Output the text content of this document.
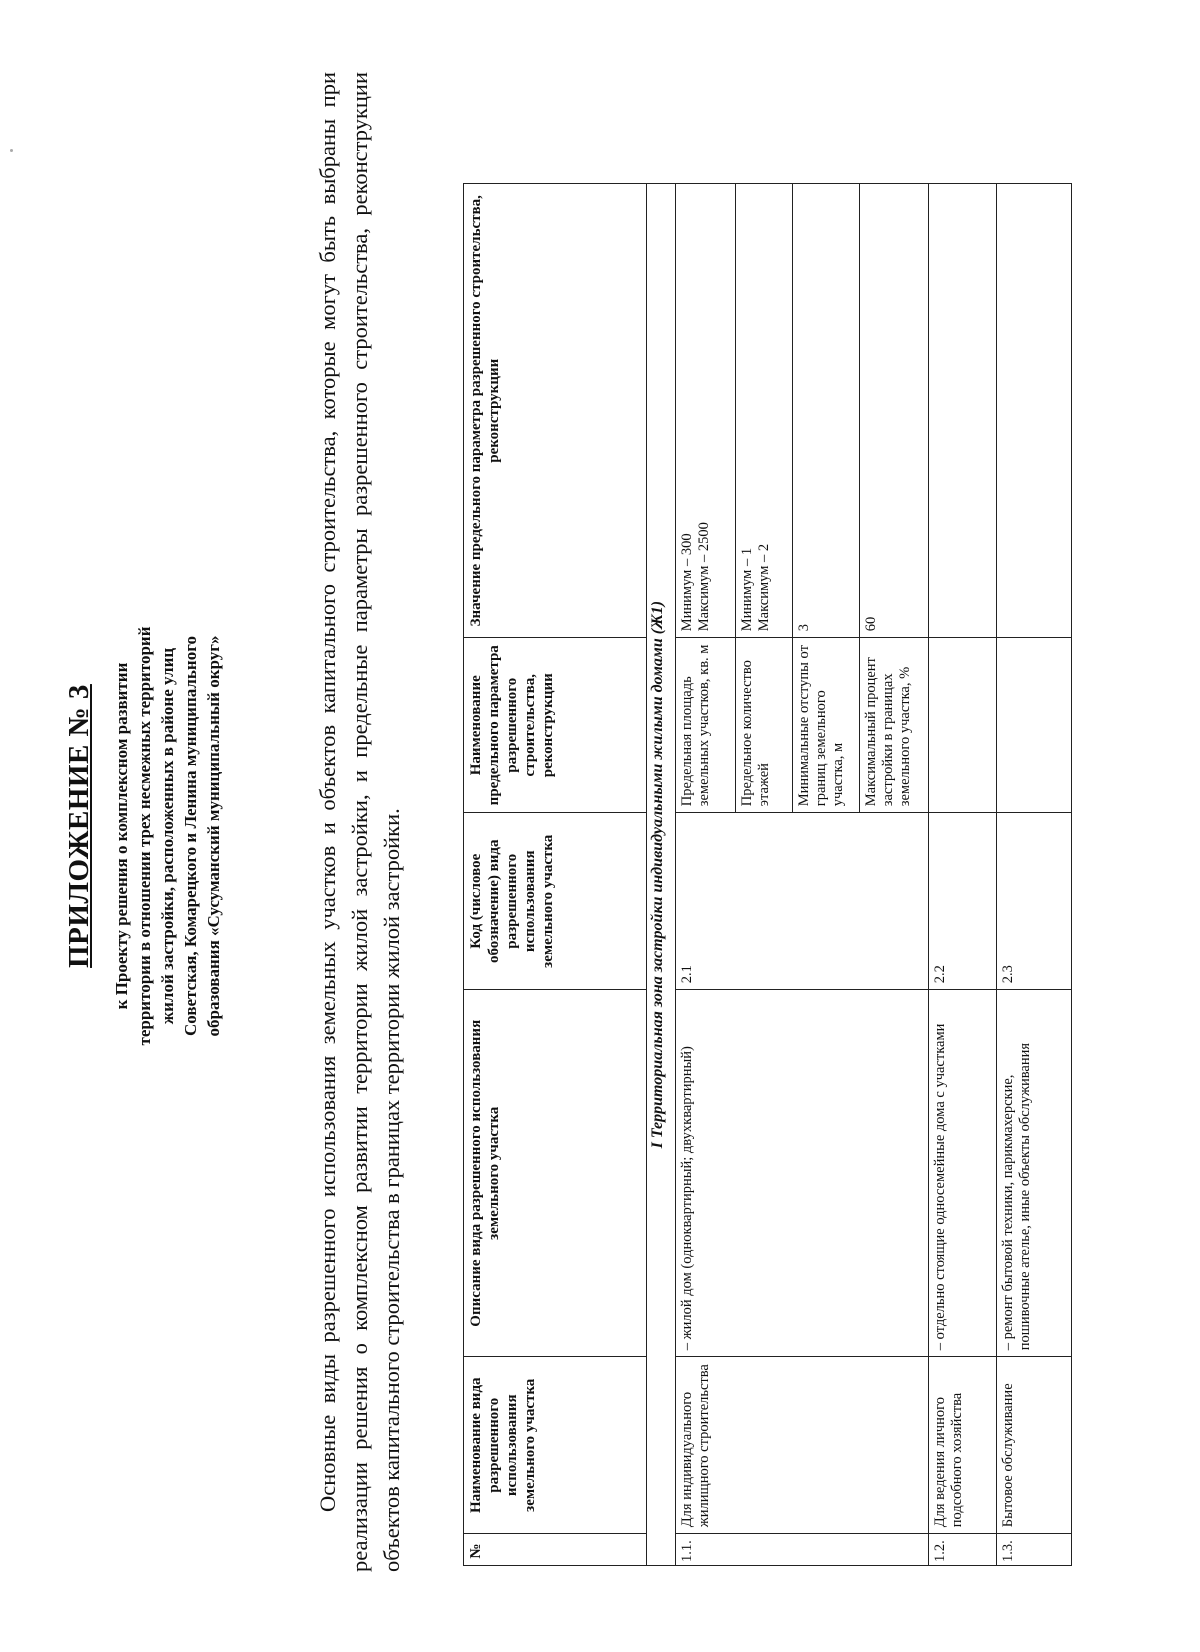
ПРИЛОЖЕНИЕ № 3 к Проекту решения о комплексном развитии территории в отношении трех несмежных территорий жилой застройки, расположенных в районе улиц Советская, Комарецкого и Ленина муниципального образования «Сусуманский муниципальный округ»	Основные виды разрешенного использования земельных участков и объектов капитального строительства, которые могут быть выбраны при реализации решения о комплексном развитии территории жилой застройки, и предельные параметры разрешенного строительства, реконструкции объектов капитального строительства в границах территории жилой застройки.	№	Наименование вида разрешенного использования земельного участка	Описание вида разрешенного использования земельного участка	Код (числовое обозначение) вида разрешенного использования земельного участка	Наименование предельного параметра разрешенного строительства, реконструкции	Значение предельного параметра разрешенного строительства, реконструкции
I Территориальная зона застройки индивидуальными жилыми домами (Ж1)					
1.1.	Для индивидуального жилищного строительства	– жилой дом (одноквартирный; двухквартирный)	2.1	Предельная площадь земельных участков, кв. м	Минимум – 300 Максимум – 2500

				Предельное количество этажей	Минимум – 1 Максимум – 2

				Минимальные отступы от границ земельного участка, м	3

				Максимальный процент застройки в границах земельного участка, %	60

1.2.	Для ведения личного подсобного хозяйства	– отдельно стоящие односемейные дома с участками	2.2		
1.3.	Бытовое обслуживание	– ремонт бытовой техники, парикмахерские, пошивочные ателье, иные объекты обслуживания	2.3		
